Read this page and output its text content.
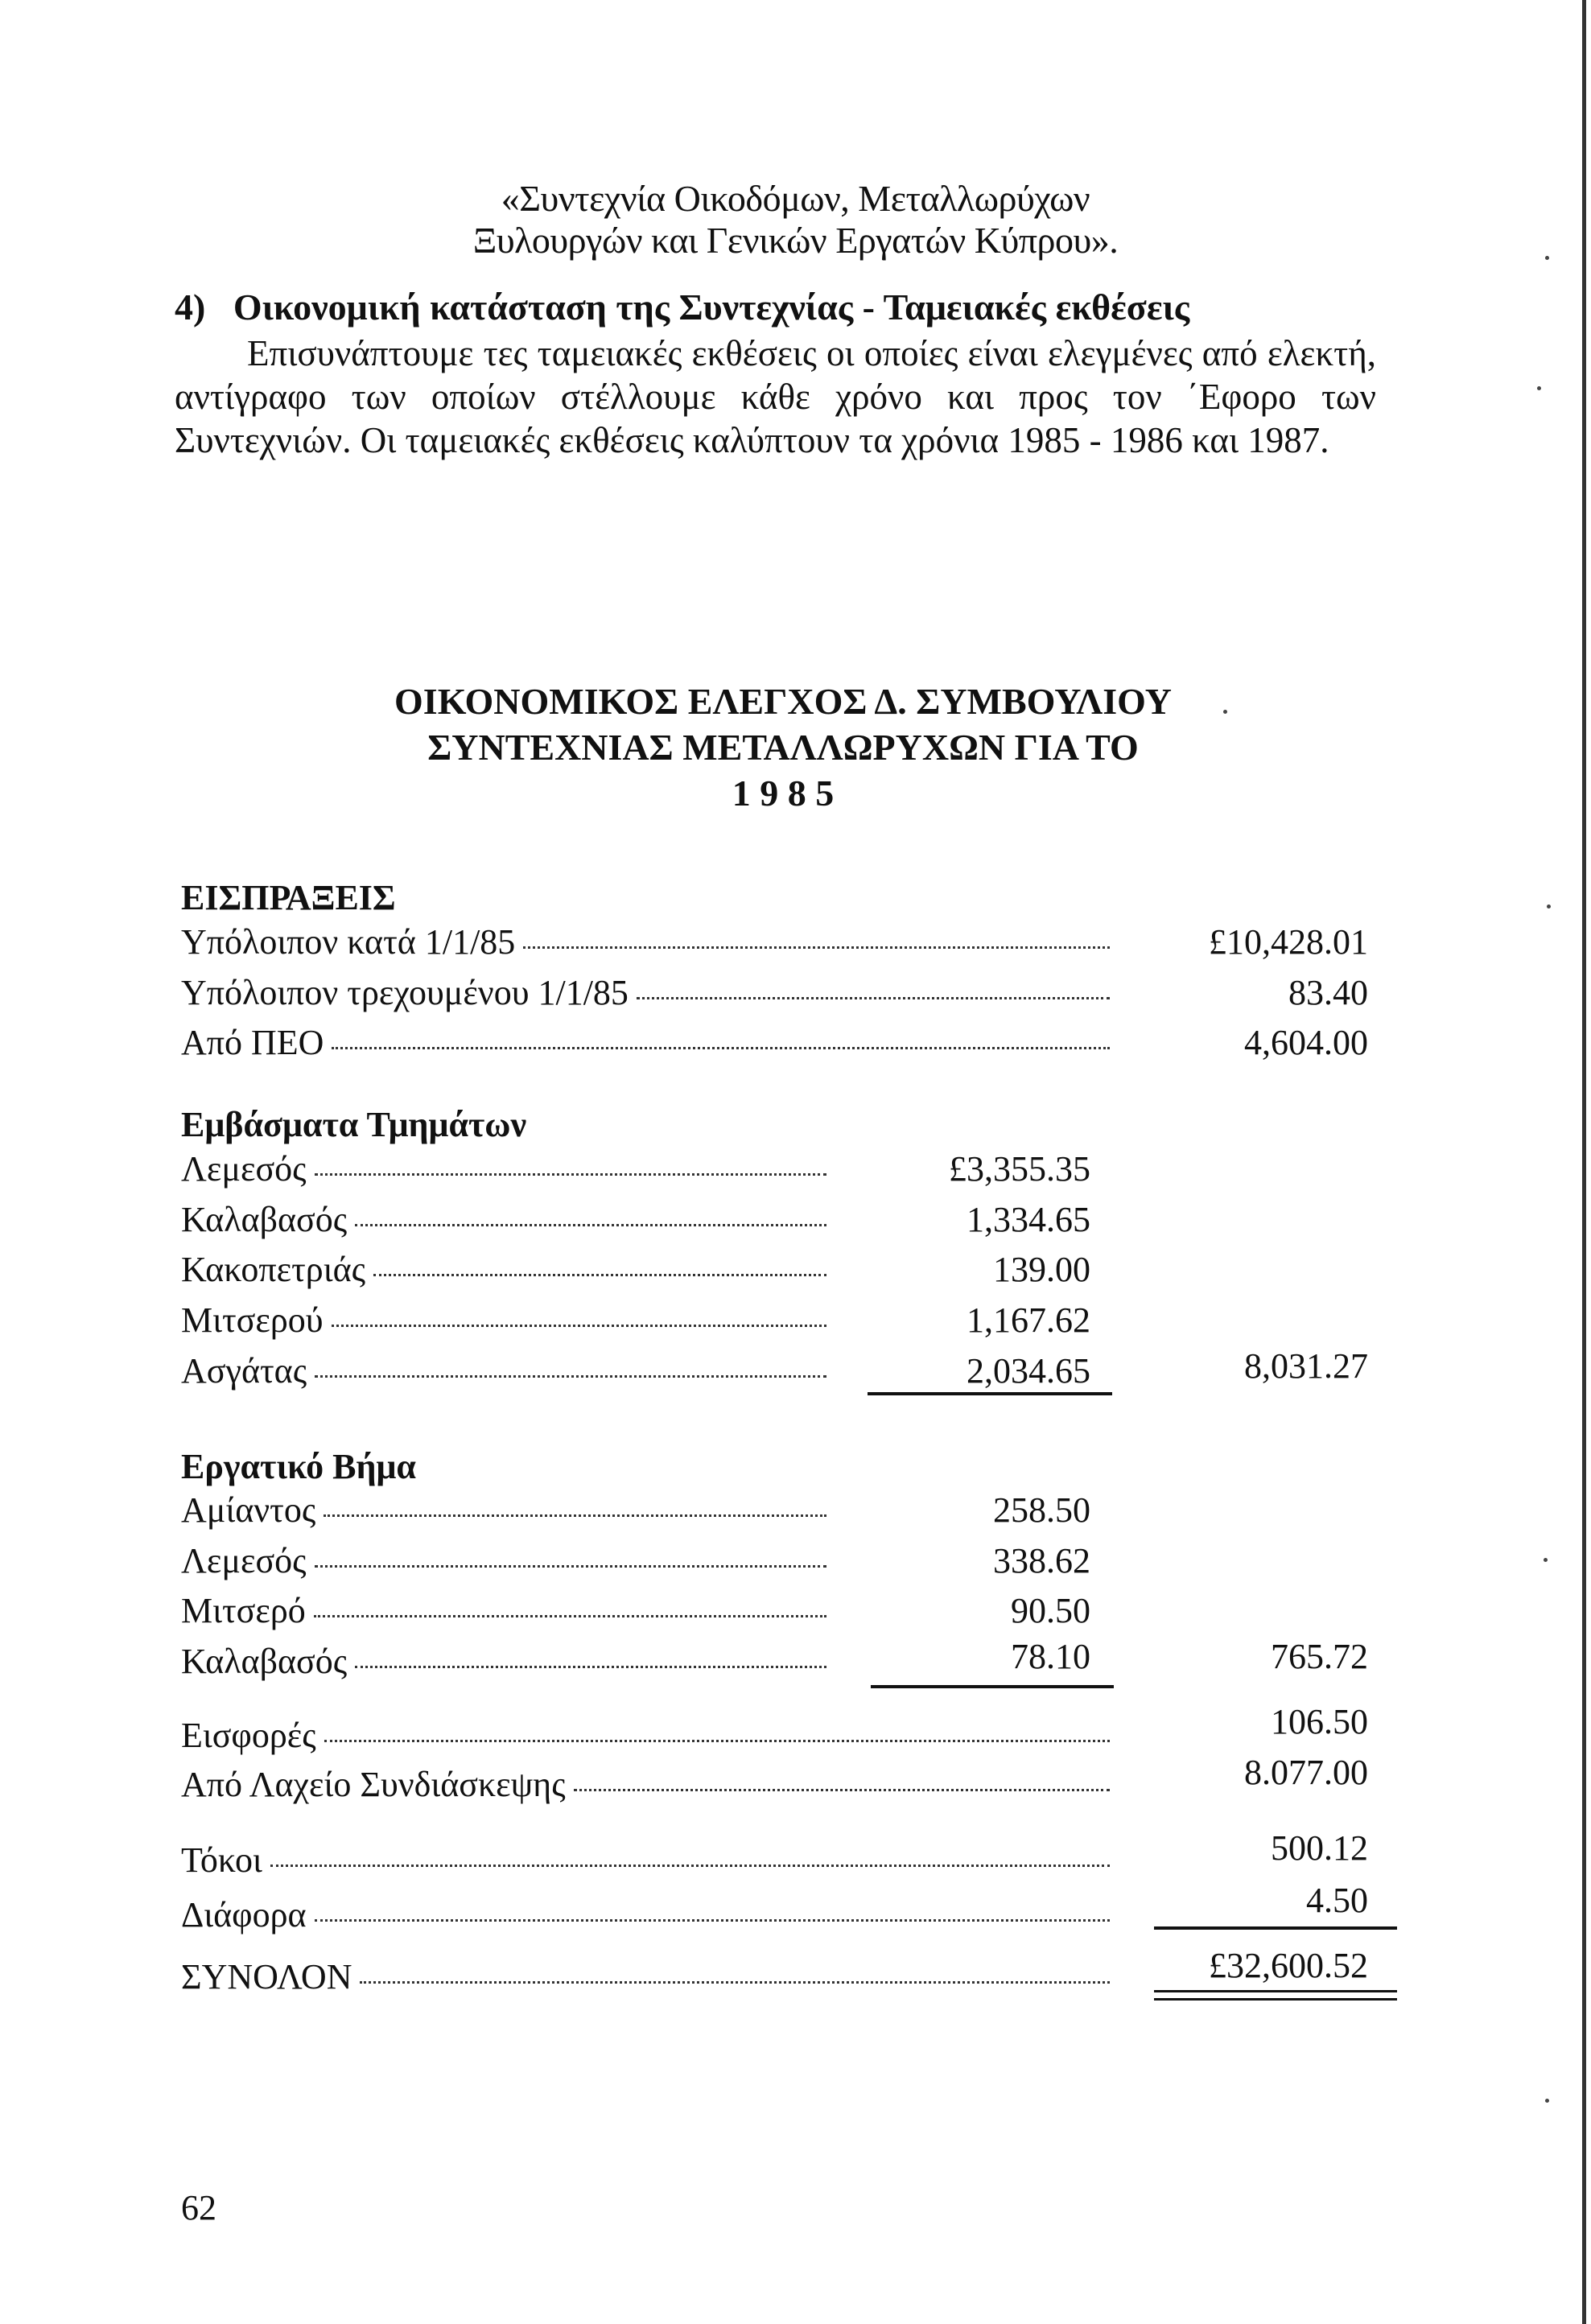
«Συντεχνία Οικοδόμων, Μεταλλωρύχων
Ξυλουργών και Γενικών Εργατών Κύπρου».
4)   Οικονομική κατάσταση της Συντεχνίας - Ταμειακές εκθέσεις

Επισυνάπτουμε τες ταμειακές εκθέσεις οι οποίες είναι ελεγμένες από ελεκτή, αντίγραφο των οποίων στέλλουμε κάθε χρόνο και προς τον ΄Εφορο των Συντεχνιών. Οι ταμειακές εκθέσεις καλύπτουν τα χρόνια 1985 - 1986 και 1987.

ΟΙΚΟΝΟΜΙΚΟΣ ΕΛΕΓΧΟΣ Δ. ΣΥΜΒΟΥΛΙΟΥ
ΣΥΝΤΕΧΝΙΑΣ ΜΕΤΑΛΛΩΡΥΧΩΝ ΓΙΑ ΤΟ
1 9 8 5
ΕΙΣΠΡΑΞΕΙΣ
Υπόλοιπον κατά 1/1/85	£10,428.01
Υπόλοιπον τρεχουμένου 1/1/85	83.40
Από ΠΕΟ	4,604.00
Εμβάσματα Τμημάτων
Λεμεσός	£3,355.35
Καλαβασός	1,334.65
Κακοπετριάς	139.00
Μιτσερού	1,167.62
Ασγάτας	2,034.65	8,031.27
Εργατικό Βήμα
Αμίαντος	258.50
Λεμεσός	338.62
Μιτσερό	90.50
Καλαβασός	78.10	765.72
Εισφορές	106.50
Από Λαχείο Συνδιάσκεψης	8.077.00
Τόκοι	500.12
Διάφορα	4.50
ΣΥΝΟΛΟΝ	£32,600.52
62
